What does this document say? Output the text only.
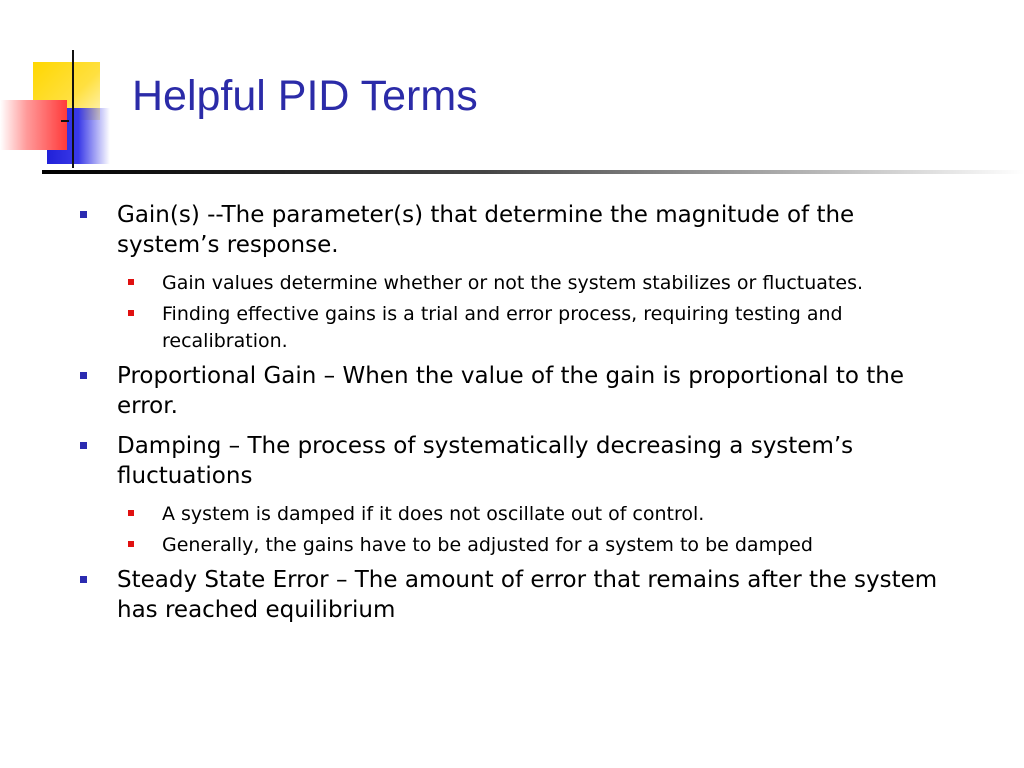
Helpful PID Terms
Gain(s) --The parameter(s) that determine the magnitude of the system’s response.
Gain values determine whether or not the system stabilizes or fluctuates.
Finding effective gains is a trial and error process, requiring testing and recalibration.
Proportional Gain – When the value of the gain is proportional to the error.
Damping – The process of systematically decreasing a system’s fluctuations
A system is damped if it does not oscillate out of control.
Generally, the gains have to be adjusted for a system to be damped
Steady State Error – The amount of error that remains after the system has reached equilibrium
